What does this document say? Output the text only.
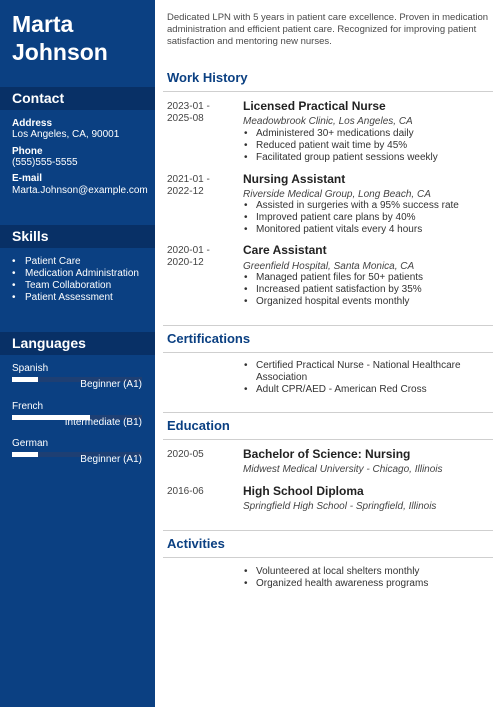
Marta
Johnson
Contact
Address
Los Angeles, CA, 90001
Phone
(555)555-5555
E-mail
Marta.Johnson@example.com
Skills
• Patient Care
• Medication Administration
• Team Collaboration
• Patient Assessment
Languages
Spanish
Beginner (A1)
French
Intermediate (B1)
German
Beginner (A1)
Dedicated LPN with 5 years in patient care excellence. Proven in medication administration and efficient patient care. Recognized for improving patient satisfaction and mentoring new nurses.
Work History
2023-01 - 2025-08
Licensed Practical Nurse
Meadowbrook Clinic, Los Angeles, CA
• Administered 30+ medications daily
• Reduced patient wait time by 45%
• Facilitated group patient sessions weekly
2021-01 - 2022-12
Nursing Assistant
Riverside Medical Group, Long Beach, CA
• Assisted in surgeries with a 95% success rate
• Improved patient care plans by 40%
• Monitored patient vitals every 4 hours
2020-01 - 2020-12
Care Assistant
Greenfield Hospital, Santa Monica, CA
• Managed patient files for 50+ patients
• Increased patient satisfaction by 35%
• Organized hospital events monthly
Certifications
• Certified Practical Nurse - National Healthcare Association
• Adult CPR/AED - American Red Cross
Education
2020-05	Bachelor of Science: Nursing
Midwest Medical University - Chicago, Illinois
2016-06	High School Diploma
Springfield High School - Springfield, Illinois
Activities
• Volunteered at local shelters monthly
• Organized health awareness programs
